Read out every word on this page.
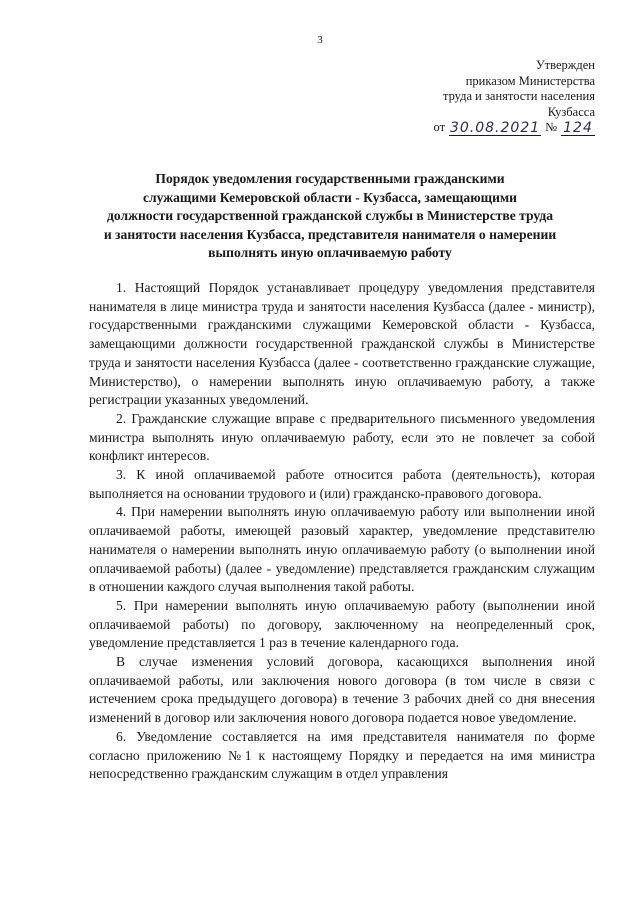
3
Утвержден
приказом Министерства
труда и занятости населения
Кузбасса
от 30.08.2021 № 124
Порядок уведомления государственными гражданскими
служащими Кемеровской области - Кузбасса, замещающими
должности государственной гражданской службы в Министерстве труда
и занятости населения Кузбасса, представителя нанимателя о намерении
выполнять иную оплачиваемую работу

1. Настоящий Порядок устанавливает процедуру уведомления представителя нанимателя в лице министра труда и занятости населения Кузбасса (далее - министр), государственными гражданскими служащими Кемеровской области - Кузбасса, замещающими должности государственной гражданской службы в Министерстве труда и занятости населения Кузбасса (далее - соответственно гражданские служащие, Министерство), о намерении выполнять иную оплачиваемую работу, а также регистрации указанных уведомлений.

2. Гражданские служащие вправе с предварительного письменного уведомления министра выполнять иную оплачиваемую работу, если это не повлечет за собой конфликт интересов.

3. К иной оплачиваемой работе относится работа (деятельность), которая выполняется на основании трудового и (или) гражданско-правового договора.

4. При намерении выполнять иную оплачиваемую работу или выполнении иной оплачиваемой работы, имеющей разовый характер, уведомление представителю нанимателя о намерении выполнять иную оплачиваемую работу (о выполнении иной оплачиваемой работы) (далее - уведомление) представляется гражданским служащим в отношении каждого случая выполнения такой работы.

5. При намерении выполнять иную оплачиваемую работу (выполнении иной оплачиваемой работы) по договору, заключенному на неопределенный срок, уведомление представляется 1 раз в течение календарного года.

В случае изменения условий договора, касающихся выполнения иной оплачиваемой работы, или заключения нового договора (в том числе в связи с истечением срока предыдущего договора) в течение 3 рабочих дней со дня внесения изменений в договор или заключения нового договора подается новое уведомление.

6. Уведомление составляется на имя представителя нанимателя по форме согласно приложению №1 к настоящему Порядку и передается на имя министра непосредственно гражданским служащим в отдел управления
